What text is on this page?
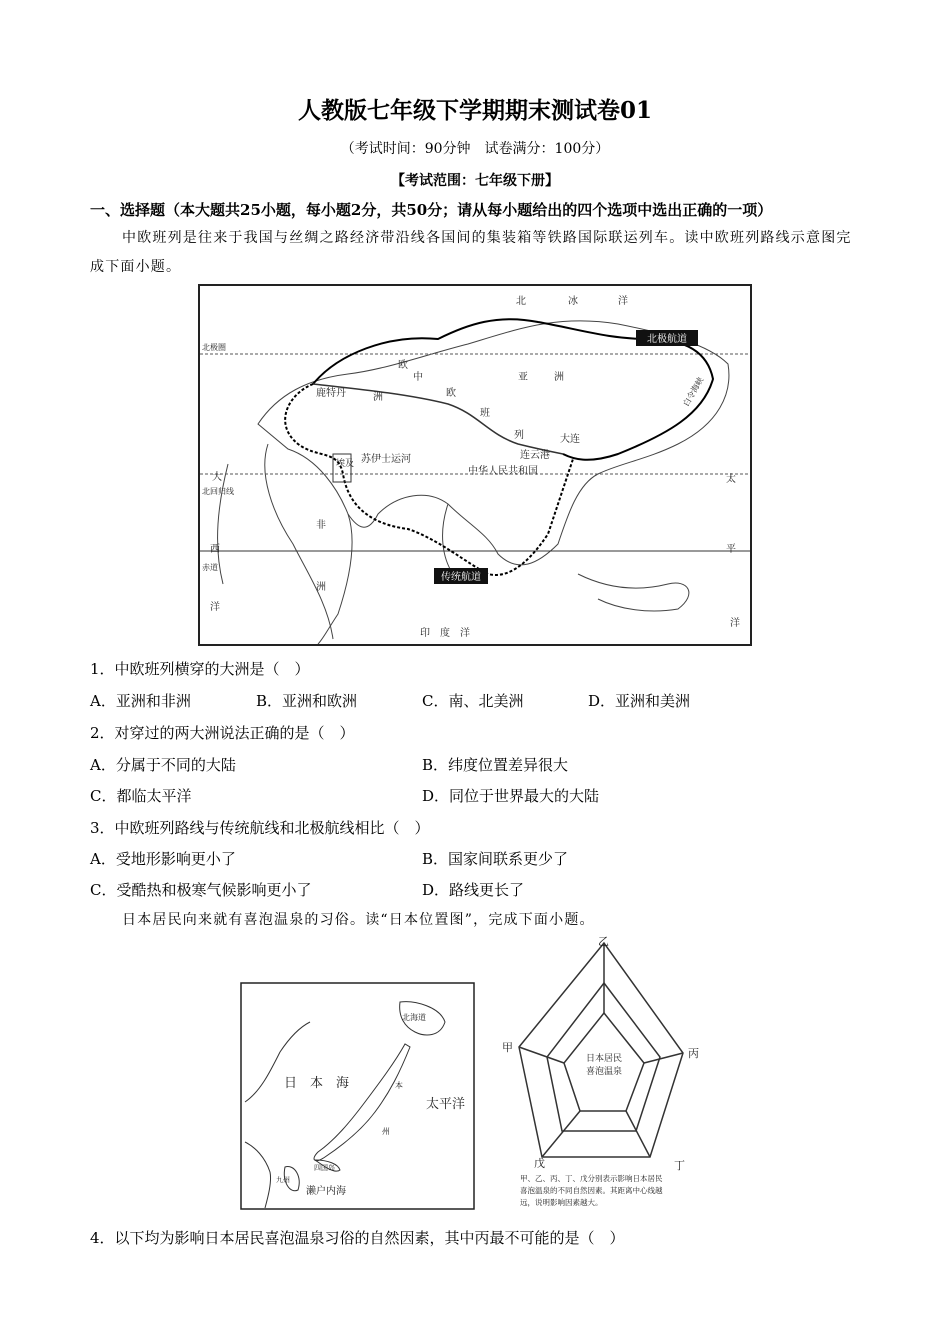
人教版七年级下学期期末测试卷01
（考试时间：90分钟　试卷满分：100分）
【考试范围：七年级下册】
一、选择题（本大题共25小题，每小题2分，共50分；请从每小题给出的四个选项中选出正确的一项）
中欧班列是往来于我国与丝绸之路经济带沿线各国间的集装箱等铁路国际联运列车。读中欧班列路线示意图完成下面小题。
北极航道
传统航道
北	冰	洋
北极圈
北回归线
赤道
欧
洲
亚	洲
中
欧
班
列
鹿特丹
苏伊士运河
埃及
大连
连云港
中华人民共和国
大
西
洋
非
洲
太
平
洋
印　度　洋
白令海峡
1．中欧班列横穿的大洲是（　）
A．亚洲和非洲	B．亚洲和欧洲	C．南、北美洲	D．亚洲和美洲
2．对穿过的两大洲说法正确的是（　）
A．分属于不同的大陆	B．纬度位置差异很大
C．都临太平洋	D．同位于世界最大的大陆
3．中欧班列路线与传统航线和北极航线相比（　）
A．受地形影响更小了	B．国家间联系更少了
C．受酷热和极寒气候影响更小了	D．路线更长了
日本居民向来就有喜泡温泉的习俗。读“日本位置图”，完成下面小题。
北海道
日　本　海
太平洋
本
州
四国岛
九州
濑户内海
乙
丙
丁
戊
甲
日本居民
喜泡温泉
甲、乙、丙、丁、戊分别表示影响日本居民
喜泡温泉的不同自然因素。其距离中心线越
远，说明影响因素越大。
4．以下均为影响日本居民喜泡温泉习俗的自然因素，其中丙最不可能的是（　）
